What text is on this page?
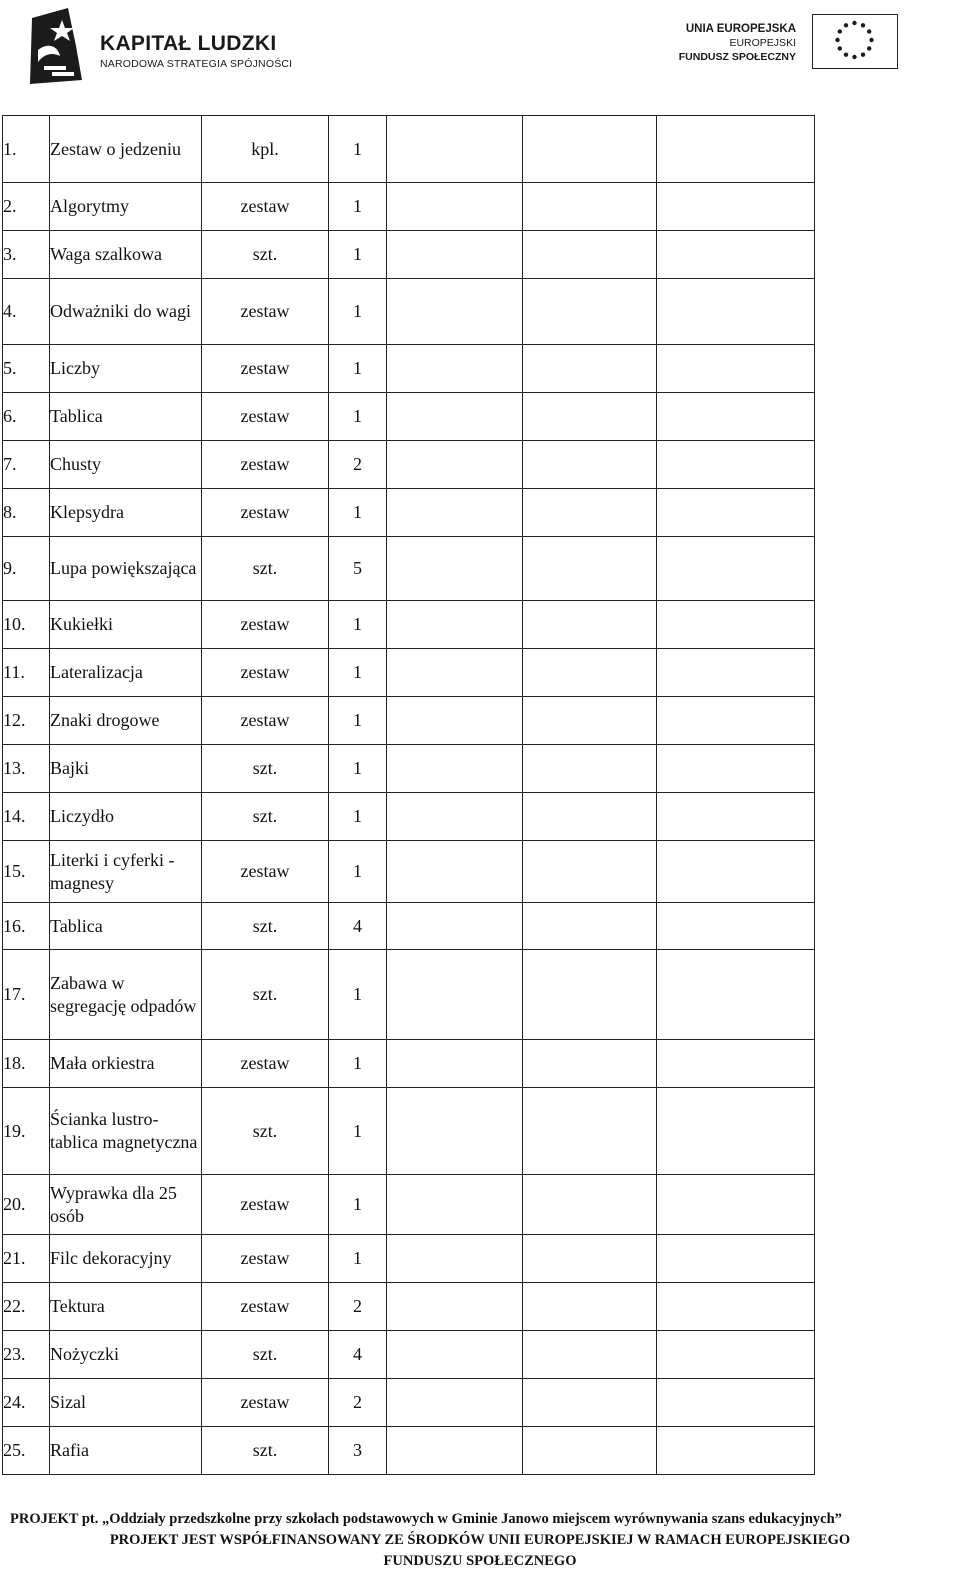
KAPITAŁ LUDZKI
NARODOWA STRATEGIA SPÓJNOŚCI
UNIA EUROPEJSKA
EUROPEJSKI
FUNDUSZ SPOŁECZNY
1.	Zestaw o jedzeniu	kpl.	1			
2.	Algorytmy	zestaw	1			
3.	Waga szalkowa	szt.	1			
4.	Odważniki do wagi	zestaw	1			
5.	Liczby	zestaw	1			
6.	Tablica	zestaw	1			
7.	Chusty	zestaw	2			
8.	Klepsydra	zestaw	1			
9.	Lupa powiększająca	szt.	5			
10.	Kukiełki	zestaw	1			
11.	Lateralizacja	zestaw	1			
12.	Znaki drogowe	zestaw	1			
13.	Bajki	szt.	1			
14.	Liczydło	szt.	1			
15.	Literki i cyferki -magnesy	zestaw	1			
16.	Tablica	szt.	4			
17.	Zabawa w segregację odpadów	szt.	1			
18.	Mała orkiestra	zestaw	1			
19.	Ścianka lustro-tablica magnetyczna	szt.	1			
20.	Wyprawka dla 25 osób	zestaw	1			
21.	Filc dekoracyjny	zestaw	1			
22.	Tektura	zestaw	2			
23.	Nożyczki	szt.	4			
24.	Sizal	zestaw	2			
25.	Rafia	szt.	3			
PROJEKT pt. „Oddziały przedszkolne przy szkołach podstawowych w Gminie Janowo miejscem wyrównywania szans edukacyjnych”
PROJEKT JEST WSPÓŁFINANSOWANY ZE ŚRODKÓW UNII EUROPEJSKIEJ W RAMACH EUROPEJSKIEGO
FUNDUSZU SPOŁECZNEGO
